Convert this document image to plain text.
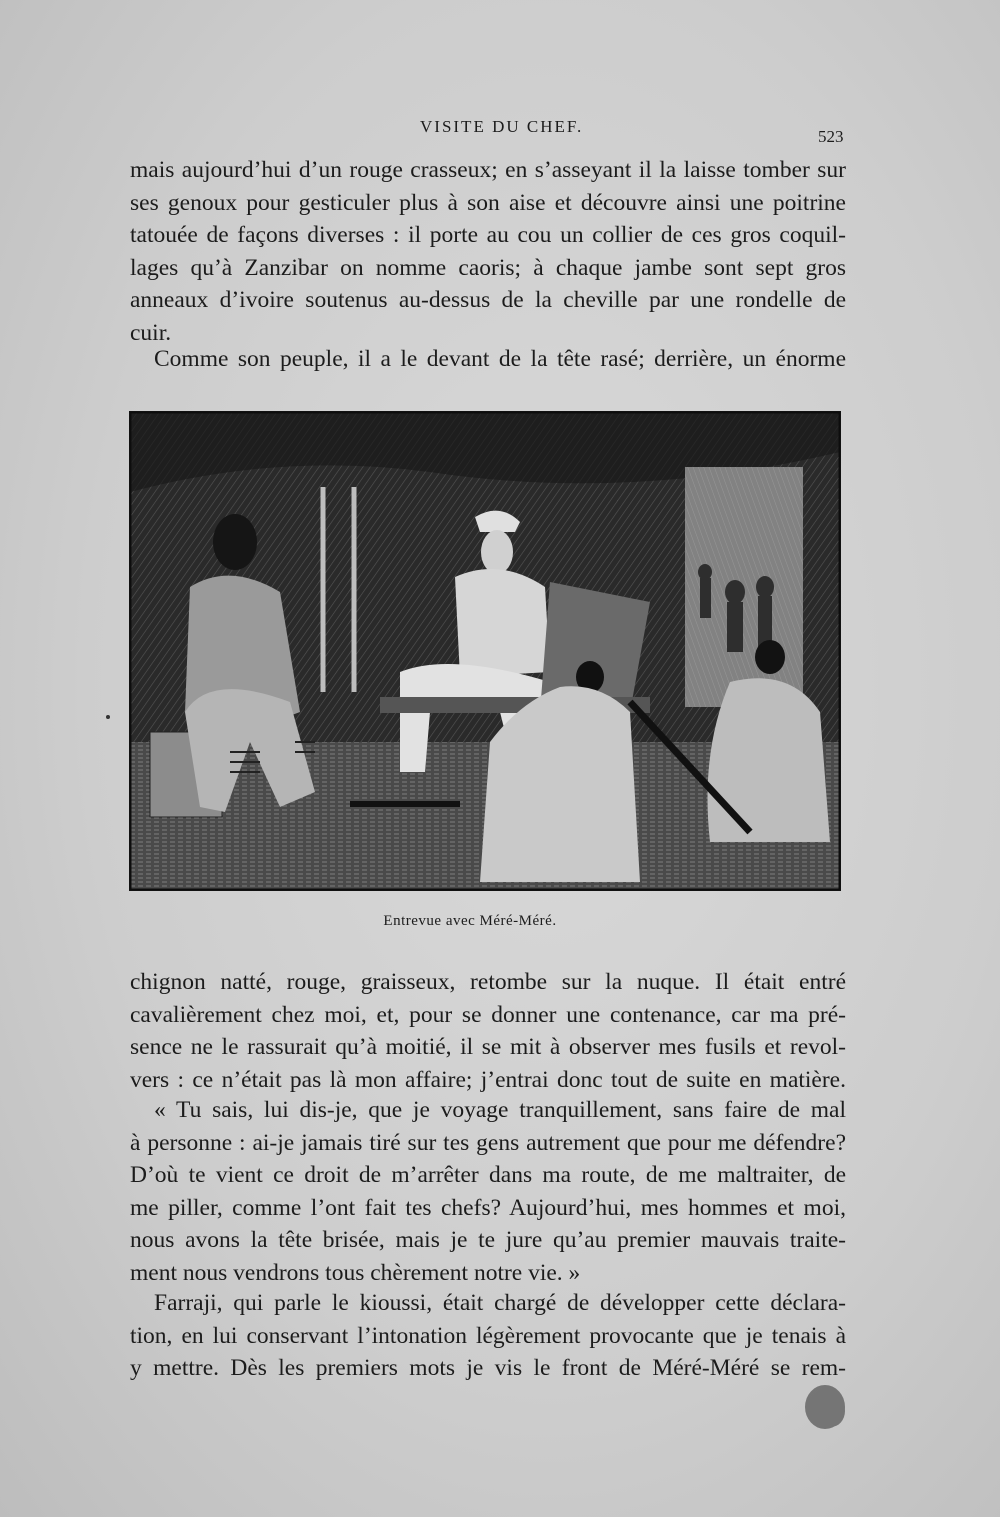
VISITE DU CHEF.
523
mais aujourd’hui d’un rouge crasseux; en s’asseyant il la laisse tomber sur
ses genoux pour gesticuler plus à son aise et découvre ainsi une poitrine
tatouée de façons diverses : il porte au cou un collier de ces gros coquil-
lages qu’à Zanzibar on nomme caoris; à chaque jambe sont sept gros
anneaux d’ivoire soutenus au-dessus de la cheville par une rondelle de
cuir.
Comme son peuple, il a le devant de la tête rasé; derrière, un énorme
Entrevue avec Méré-Méré.
chignon natté, rouge, graisseux, retombe sur la nuque. Il était entré
cavalièrement chez moi, et, pour se donner une contenance, car ma pré-
sence ne le rassurait qu’à moitié, il se mit à observer mes fusils et revol-
vers : ce n’était pas là mon affaire; j’entrai donc tout de suite en matière.
« Tu sais, lui dis-je, que je voyage tranquillement, sans faire de mal
à personne : ai-je jamais tiré sur tes gens autrement que pour me défendre?
D’où te vient ce droit de m’arrêter dans ma route, de me maltraiter, de
me piller, comme l’ont fait tes chefs? Aujourd’hui, mes hommes et moi,
nous avons la tête brisée, mais je te jure qu’au premier mauvais traite-
ment nous vendrons tous chèrement notre vie. »
Farraji, qui parle le kioussi, était chargé de développer cette déclara-
tion, en lui conservant l’intonation légèrement provocante que je tenais à
y mettre. Dès les premiers mots je vis le front de Méré-Méré se rem-
